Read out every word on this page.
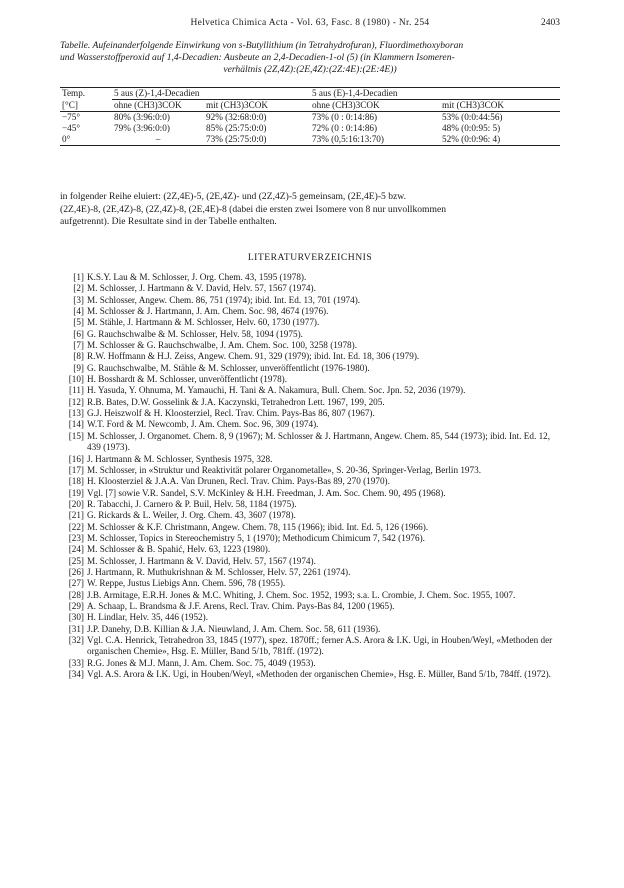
Helvetica Chimica Acta - Vol. 63, Fasc. 8 (1980) - Nr. 254	2403
Tabelle. Aufeinanderfolgende Einwirkung von s-Butyllithium (in Tetrahydrofuran), Fluordimethoxyboran
und Wasserstoffperoxid auf 1,4-Decadien: Ausbeute an 2,4-Decadien-1-ol (5) (in Klammern Isomeren-
verhältnis (2Z,4Z):(2E,4Z):(2Z:4E):(2E:4E))
Temp.	5 aus (Z)-1,4-Decadien		5 aus (E)-1,4-Decadien	
[°C]	ohne (CH3)3COK	mit (CH3)3COK	ohne (CH3)3COK	mit (CH3)3COK
−75°	80% (3:96:0:0)	92% (32:68:0:0)	73% (0 : 0:14:86)	53% (0:0:44:56)
−45°	79% (3:96:0:0)	85% (25:75:0:0)	72% (0 : 0:14:86)	48% (0:0:95: 5)
0°	–	73% (25:75:0:0)	73% (0,5:16:13:70)	52% (0:0:96: 4)
in folgender Reihe eluiert: (2Z,4E)-5, (2E,4Z)- und (2Z,4Z)-5 gemeinsam, (2E,4E)-5 bzw.
(2Z,4E)-8, (2E,4Z)-8, (2Z,4Z)-8, (2E,4E)-8 (dabei die ersten zwei Isomere von 8 nur unvollkommen
aufgetrennt). Die Resultate sind in der Tabelle enthalten.
LITERATURVERZEICHNIS
[1] K.S.Y. Lau & M. Schlosser, J. Org. Chem. 43, 1595 (1978).
[2] M. Schlosser, J. Hartmann & V. David, Helv. 57, 1567 (1974).
[3] M. Schlosser, Angew. Chem. 86, 751 (1974); ibid. Int. Ed. 13, 701 (1974).
[4] M. Schlosser & J. Hartmann, J. Am. Chem. Soc. 98, 4674 (1976).
[5] M. Stähle, J. Hartmann & M. Schlosser, Helv. 60, 1730 (1977).
[6] G. Rauchschwalbe & M. Schlosser, Helv. 58, 1094 (1975).
[7] M. Schlosser & G. Rauchschwalbe, J. Am. Chem. Soc. 100, 3258 (1978).
[8] R.W. Hoffmann & H.J. Zeiss, Angew. Chem. 91, 329 (1979); ibid. Int. Ed. 18, 306 (1979).
[9] G. Rauchschwalbe, M. Stähle & M. Schlosser, unveröffentlicht (1976-1980).
[10] H. Bosshardt & M. Schlosser, unveröffentlicht (1978).
[11] H. Yasuda, Y. Ohnuma, M. Yamauchi, H. Tani & A. Nakamura, Bull. Chem. Soc. Jpn. 52, 2036 (1979).
[12] R.B. Bates, D.W. Gosselink & J.A. Kaczynski, Tetrahedron Lett. 1967, 199, 205.
[13] G.J. Heiszwolf & H. Kloosterziel, Recl. Trav. Chim. Pays-Bas 86, 807 (1967).
[14] W.T. Ford & M. Newcomb, J. Am. Chem. Soc. 96, 309 (1974).
[15] M. Schlosser, J. Organomet. Chem. 8, 9 (1967); M. Schlosser & J. Hartmann, Angew. Chem. 85, 544 (1973); ibid. Int. Ed. 12, 439 (1973).
[16] J. Hartmann & M. Schlosser, Synthesis 1975, 328.
[17] M. Schlosser, in «Struktur und Reaktivität polarer Organometalle», S. 20-36, Springer-Verlag, Berlin 1973.
[18] H. Kloosterziel & J.A.A. Van Drunen, Recl. Trav. Chim. Pays-Bas 89, 270 (1970).
[19] Vgl. [7] sowie V.R. Sandel, S.V. McKinley & H.H. Freedman, J. Am. Soc. Chem. 90, 495 (1968).
[20] R. Tabacchi, J. Carnero & P. Buil, Helv. 58, 1184 (1975).
[21] G. Rickards & L. Weiler, J. Org. Chem. 43, 3607 (1978).
[22] M. Schlosser & K.F. Christmann, Angew. Chem. 78, 115 (1966); ibid. Int. Ed. 5, 126 (1966).
[23] M. Schlosser, Topics in Stereochemistry 5, 1 (1970); Methodicum Chimicum 7, 542 (1976).
[24] M. Schlosser & B. Spahić, Helv. 63, 1223 (1980).
[25] M. Schlosser, J. Hartmann & V. David, Helv. 57, 1567 (1974).
[26] J. Hartmann, R. Muthukrishnan & M. Schlosser, Helv. 57, 2261 (1974).
[27] W. Reppe, Justus Liebigs Ann. Chem. 596, 78 (1955).
[28] J.B. Armitage, E.R.H. Jones & M.C. Whiting, J. Chem. Soc. 1952, 1993; s.a. L. Crombie, J. Chem. Soc. 1955, 1007.
[29] A. Schaap, L. Brandsma & J.F. Arens, Recl. Trav. Chim. Pays-Bas 84, 1200 (1965).
[30] H. Lindlar, Helv. 35, 446 (1952).
[31] J.P. Danehy, D.B. Killian & J.A. Nieuwland, J. Am. Chem. Soc. 58, 611 (1936).
[32] Vgl. C.A. Henrick, Tetrahedron 33, 1845 (1977), spez. 1870ff.; ferner A.S. Arora & I.K. Ugi, in Houben/Weyl, «Methoden der organischen Chemie», Hsg. E. Müller, Band 5/1b, 781ff. (1972).
[33] R.G. Jones & M.J. Mann, J. Am. Chem. Soc. 75, 4049 (1953).
[34] Vgl. A.S. Arora & I.K. Ugi, in Houben/Weyl, «Methoden der organischen Chemie», Hsg. E. Müller, Band 5/1b, 784ff. (1972).
